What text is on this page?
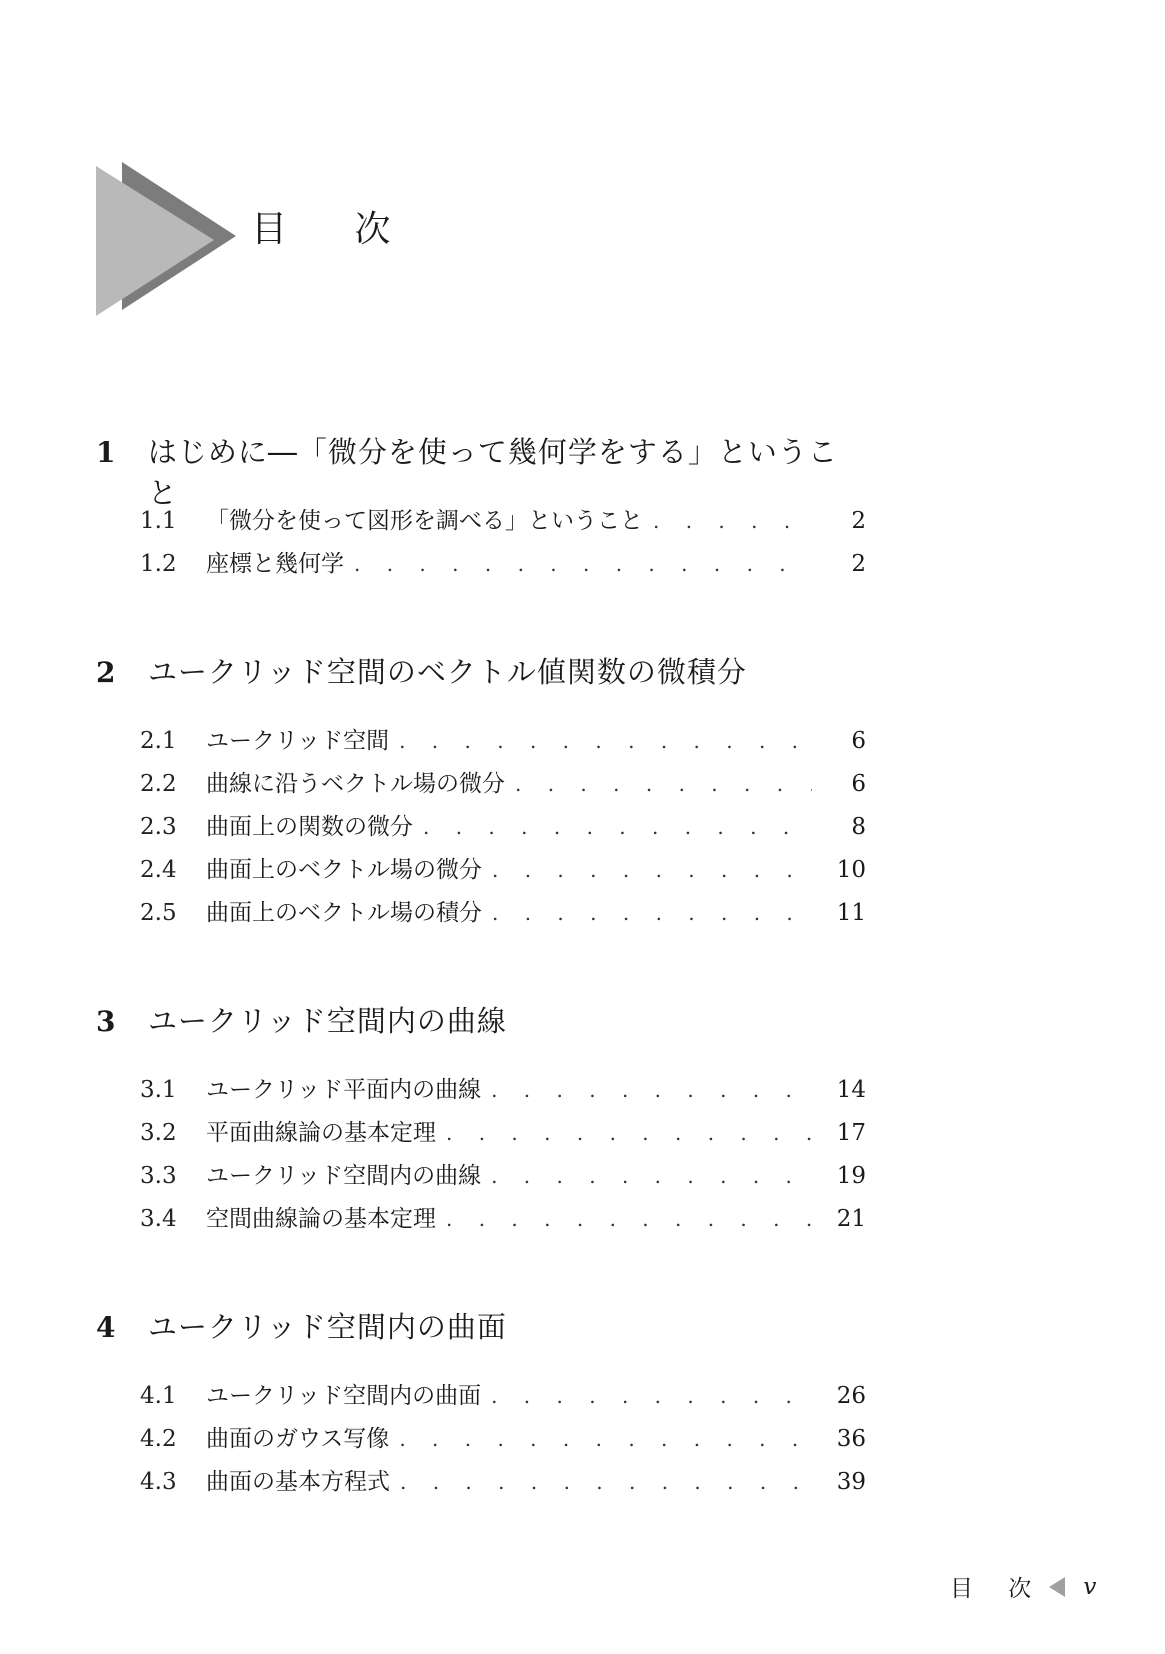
目 次
1	はじめに―「微分を使って幾何学をする」ということ
1.1	「微分を使って図形を調べる」ということ . . .	2
1.2	座標と幾何学 . . .	2
2	ユークリッド空間のベクトル値関数の微積分
2.1	ユークリッド空間 . . .	6
2.2	曲線に沿うベクトル場の微分 . . .	6
2.3	曲面上の関数の微分 . . .	8
2.4	曲面上のベクトル場の微分 . . .	10
2.5	曲面上のベクトル場の積分 . . .	11
3	ユークリッド空間内の曲線
3.1	ユークリッド平面内の曲線 . . .	14
3.2	平面曲線論の基本定理 . . .	17
3.3	ユークリッド空間内の曲線 . . .	19
3.4	空間曲線論の基本定理 . . .	21
4	ユークリッド空間内の曲面
4.1	ユークリッド空間内の曲面 . . .	26
4.2	曲面のガウス写像 . . .	36
4.3	曲面の基本方程式 . . .	39
目 次 v
